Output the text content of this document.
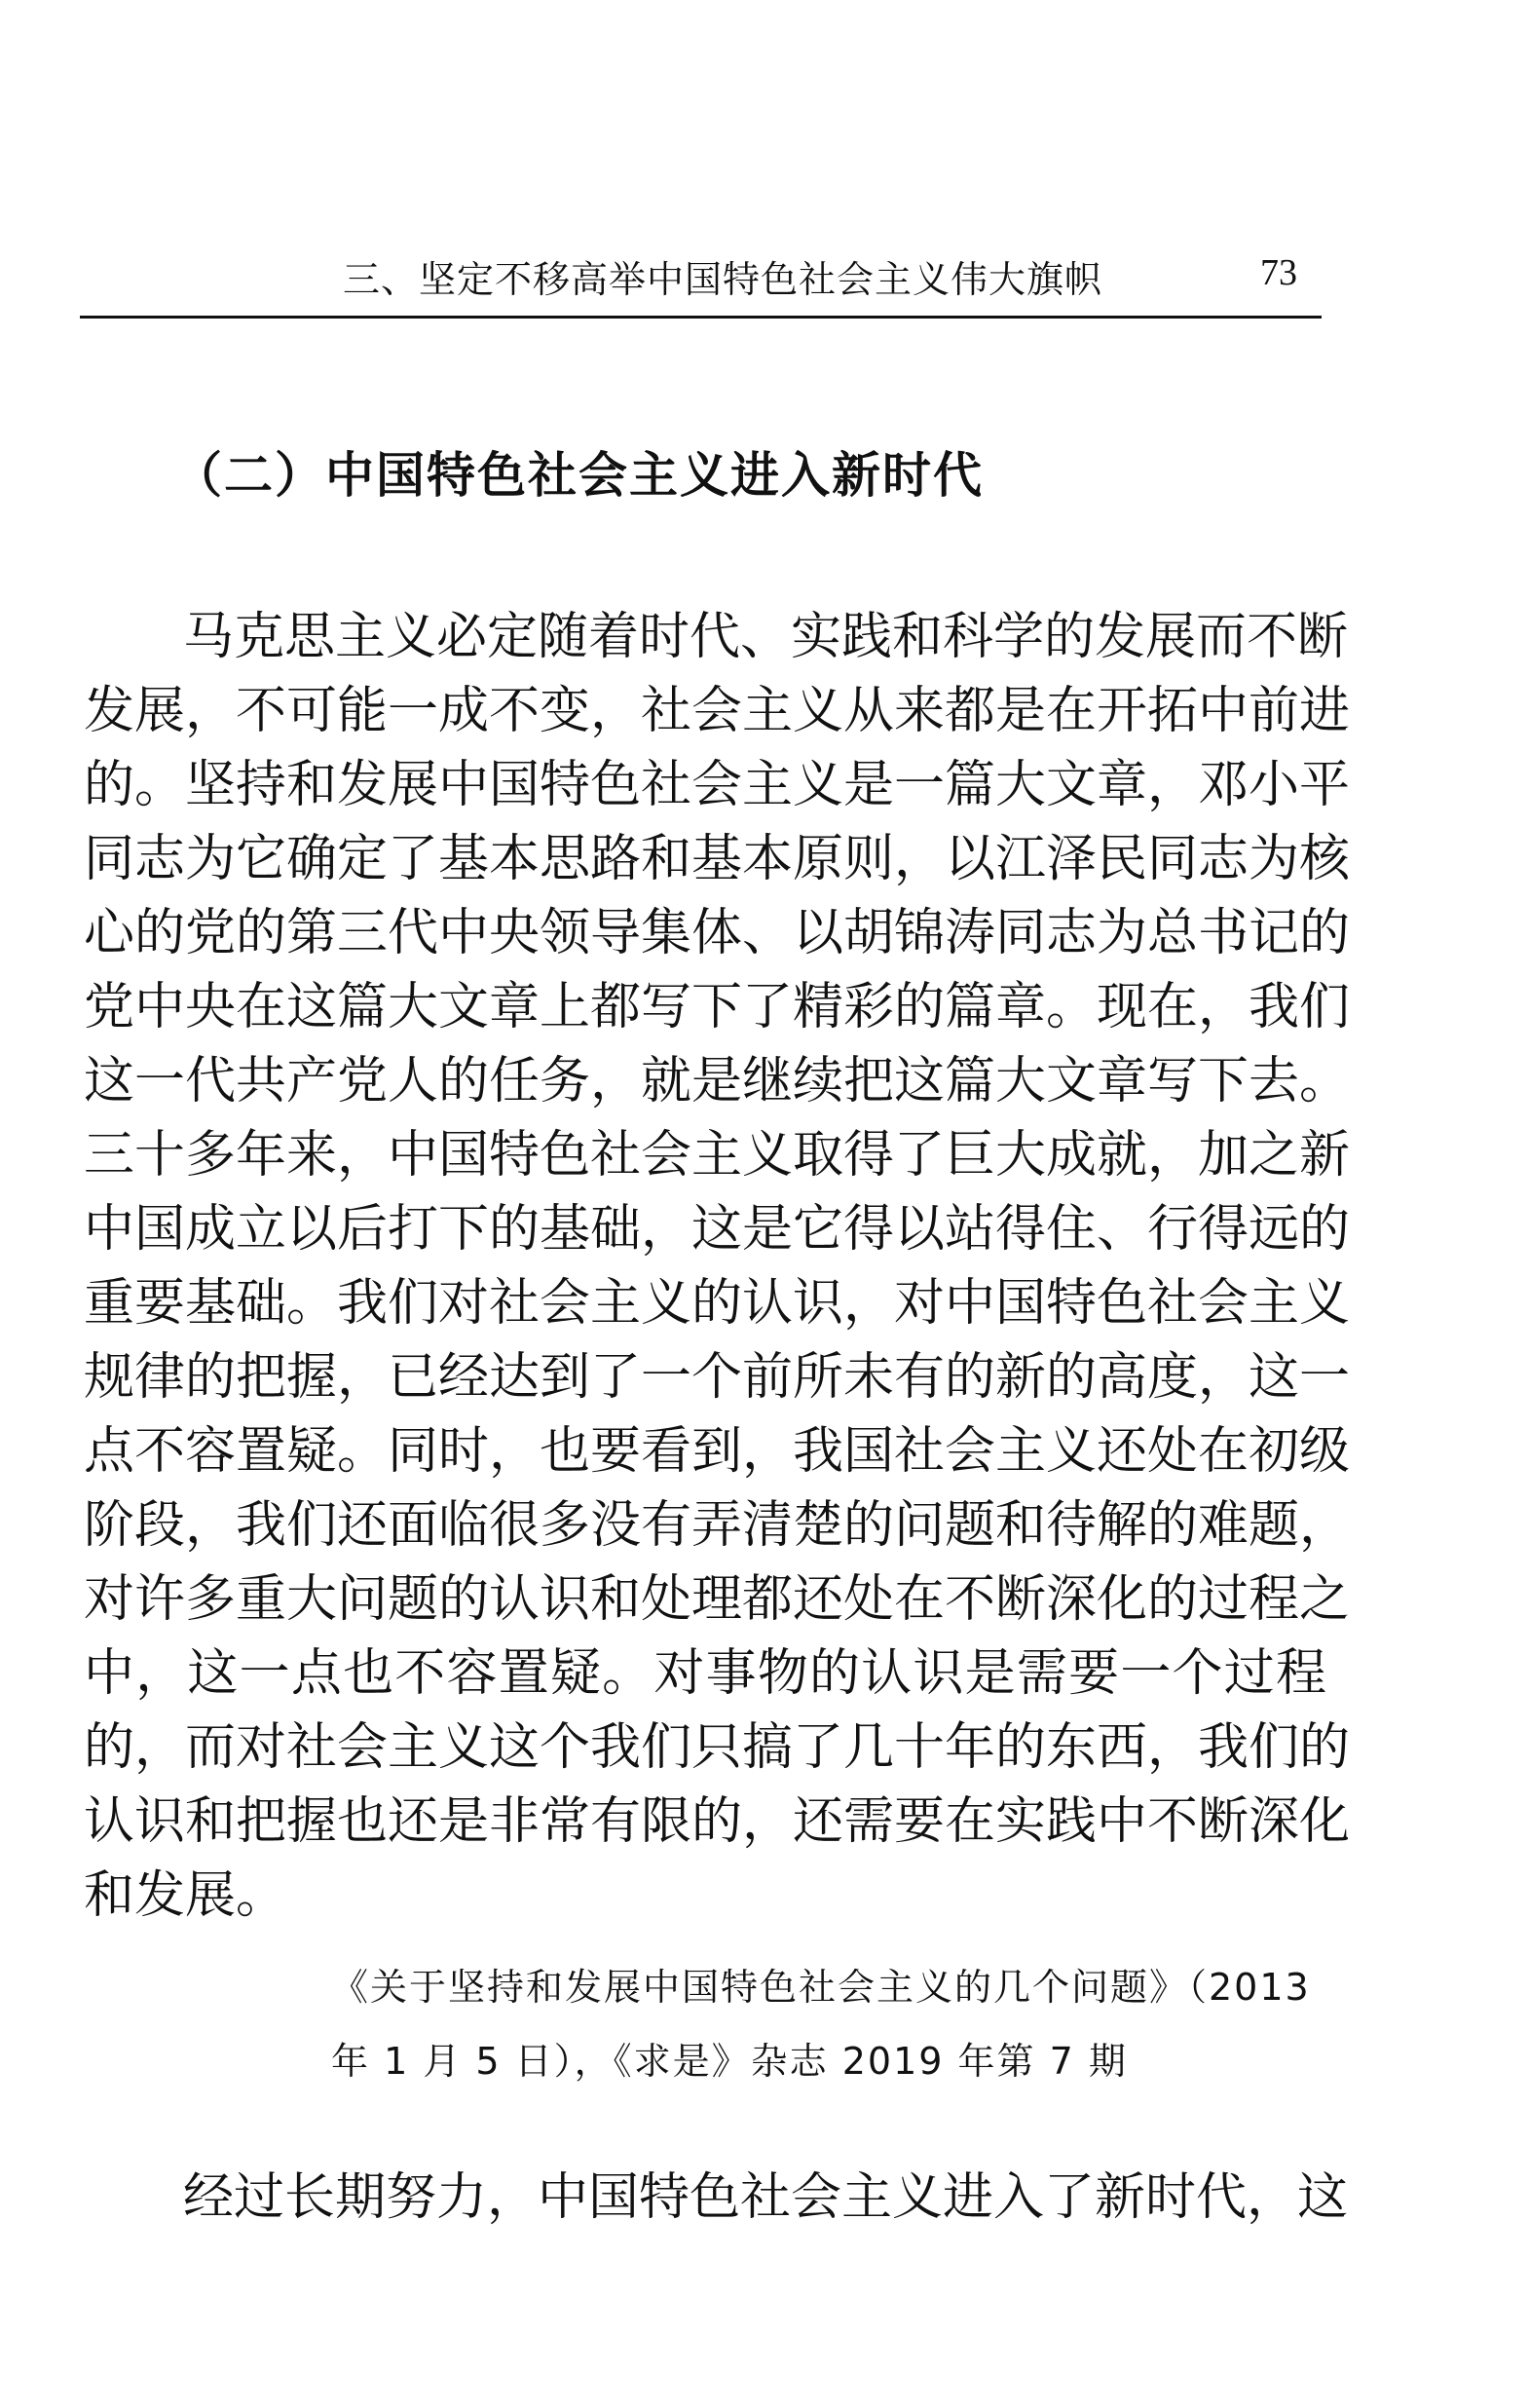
三、坚定不移高举中国特色社会主义伟大旗帜	73
（二）中国特色社会主义进入新时代
马克思主义必定随着时代、实践和科学的发展而不断
发展，不可能一成不变，社会主义从来都是在开拓中前进
的。坚持和发展中国特色社会主义是一篇大文章，邓小平
同志为它确定了基本思路和基本原则，以江泽民同志为核
心的党的第三代中央领导集体、以胡锦涛同志为总书记的
党中央在这篇大文章上都写下了精彩的篇章。现在，我们
这一代共产党人的任务，就是继续把这篇大文章写下去。
三十多年来，中国特色社会主义取得了巨大成就，加之新
中国成立以后打下的基础，这是它得以站得住、行得远的
重要基础。我们对社会主义的认识，对中国特色社会主义
规律的把握，已经达到了一个前所未有的新的高度，这一
点不容置疑。同时，也要看到，我国社会主义还处在初级
阶段，我们还面临很多没有弄清楚的问题和待解的难题，
对许多重大问题的认识和处理都还处在不断深化的过程之
中，这一点也不容置疑。对事物的认识是需要一个过程
的，而对社会主义这个我们只搞了几十年的东西，我们的
认识和把握也还是非常有限的，还需要在实践中不断深化
和发展。
《关于坚持和发展中国特色社会主义的几个问题》（2013
年 1 月 5 日），《求是》杂志 2019 年第 7 期
经过长期努力，中国特色社会主义进入了新时代，这
